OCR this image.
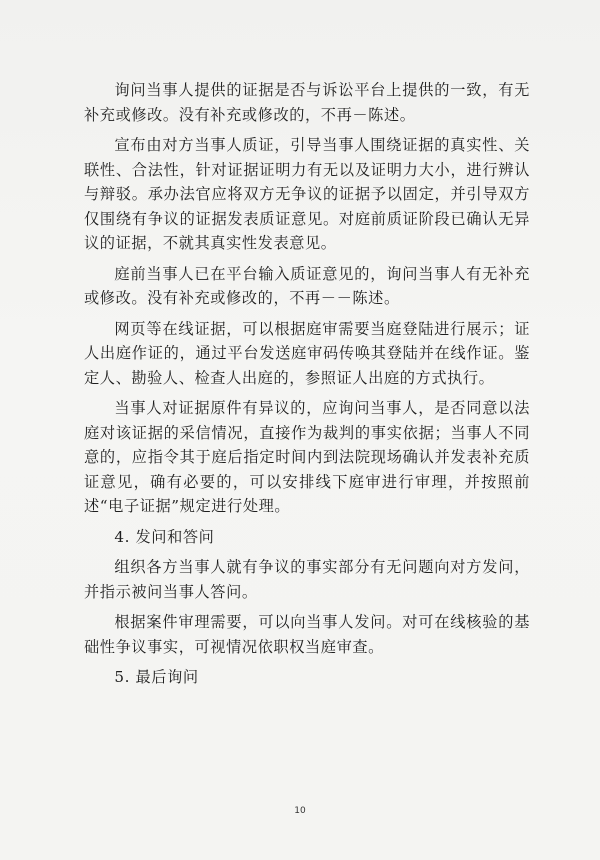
询问当事人提供的证据是否与诉讼平台上提供的一致，有无补充或修改。没有补充或修改的，不再－陈述。

宣布由对方当事人质证，引导当事人围绕证据的真实性、关联性、合法性，针对证据证明力有无以及证明力大小，进行辨认与辩驳。承办法官应将双方无争议的证据予以固定，并引导双方仅围绕有争议的证据发表质证意见。对庭前质证阶段已确认无异议的证据，不就其真实性发表意见。

庭前当事人已在平台输入质证意见的，询问当事人有无补充或修改。没有补充或修改的，不再－－陈述。

网页等在线证据，可以根据庭审需要当庭登陆进行展示；证人出庭作证的，通过平台发送庭审码传唤其登陆并在线作证。鉴定人、勘验人、检查人出庭的，参照证人出庭的方式执行。

当事人对证据原件有异议的，应询问当事人，是否同意以法庭对该证据的采信情况，直接作为裁判的事实依据；当事人不同意的，应指令其于庭后指定时间内到法院现场确认并发表补充质证意见，确有必要的，可以安排线下庭审进行审理，并按照前述“电子证据”规定进行处理。

4. 发问和答问

组织各方当事人就有争议的事实部分有无问题向对方发问，并指示被问当事人答问。

根据案件审理需要，可以向当事人发问。对可在线核验的基础性争议事实，可视情况依职权当庭审查。

5. 最后询问

10
